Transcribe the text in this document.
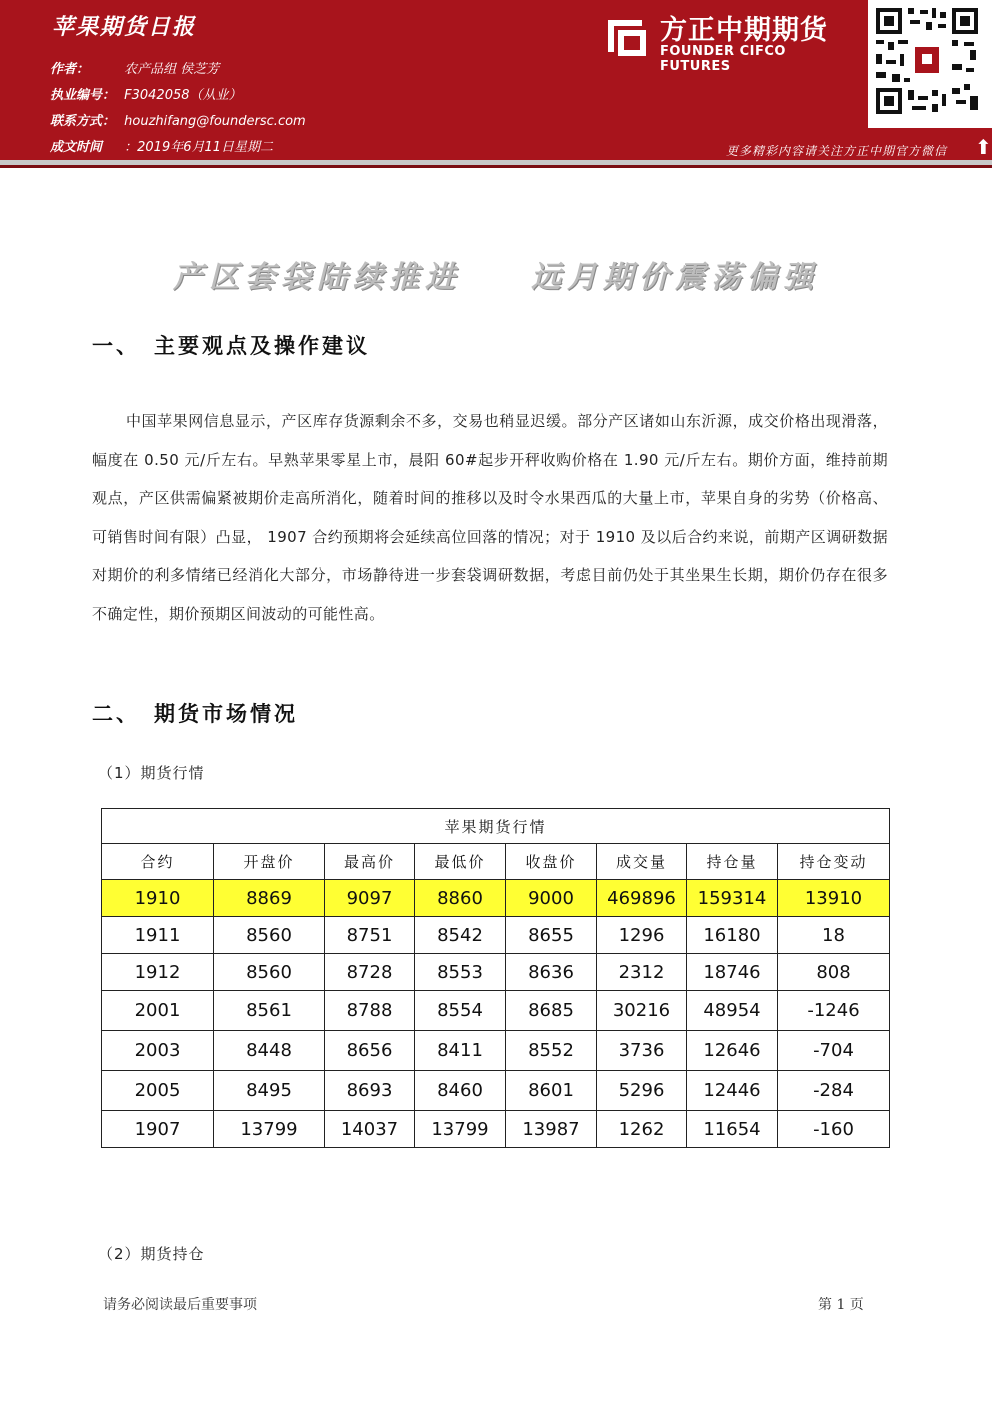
苹果期货日报
作者：	农产品组 侯芝芳
执业编号： F3042058（从业）
联系方式： houzhifang@foundersc.com
成文时间 ：2019年6月11日星期二
方正中期期货
FOUNDER CIFCO FUTURES
更多精彩内容请关注方正中期官方微信 ⬆
产区套袋陆续推进 远月期价震荡偏强
一、 主要观点及操作建议
中国苹果网信息显示，产区库存货源剩余不多，交易也稍显迟缓。部分产区诸如山东沂源，成交价格出现滑落，幅度在 0.50 元/斤左右。早熟苹果零星上市，晨阳 60#起步开秤收购价格在 1.90 元/斤左右。期价方面，维持前期观点，产区供需偏紧被期价走高所消化，随着时间的推移以及时令水果西瓜的大量上市，苹果自身的劣势（价格高、可销售时间有限）凸显， 1907 合约预期将会延续高位回落的情况；对于 1910 及以后合约来说，前期产区调研数据对期价的利多情绪已经消化大部分，市场静待进一步套袋调研数据，考虑目前仍处于其坐果生长期，期价仍存在很多不确定性，期价预期区间波动的可能性高。
二、 期货市场情况
（1）期货行情
苹果期货行情							
合约	开盘价	最高价	最低价	收盘价	成交量	持仓量	持仓变动
1910	8869	9097	8860	9000	469896	159314	13910
1911	8560	8751	8542	8655	1296	16180	18
1912	8560	8728	8553	8636	2312	18746	808
2001	8561	8788	8554	8685	30216	48954	-1246
2003	8448	8656	8411	8552	3736	12646	-704
2005	8495	8693	8460	8601	5296	12446	-284
1907	13799	14037	13799	13987	1262	11654	-160
（2）期货持仓
请务必阅读最后重要事项	第 1 页
